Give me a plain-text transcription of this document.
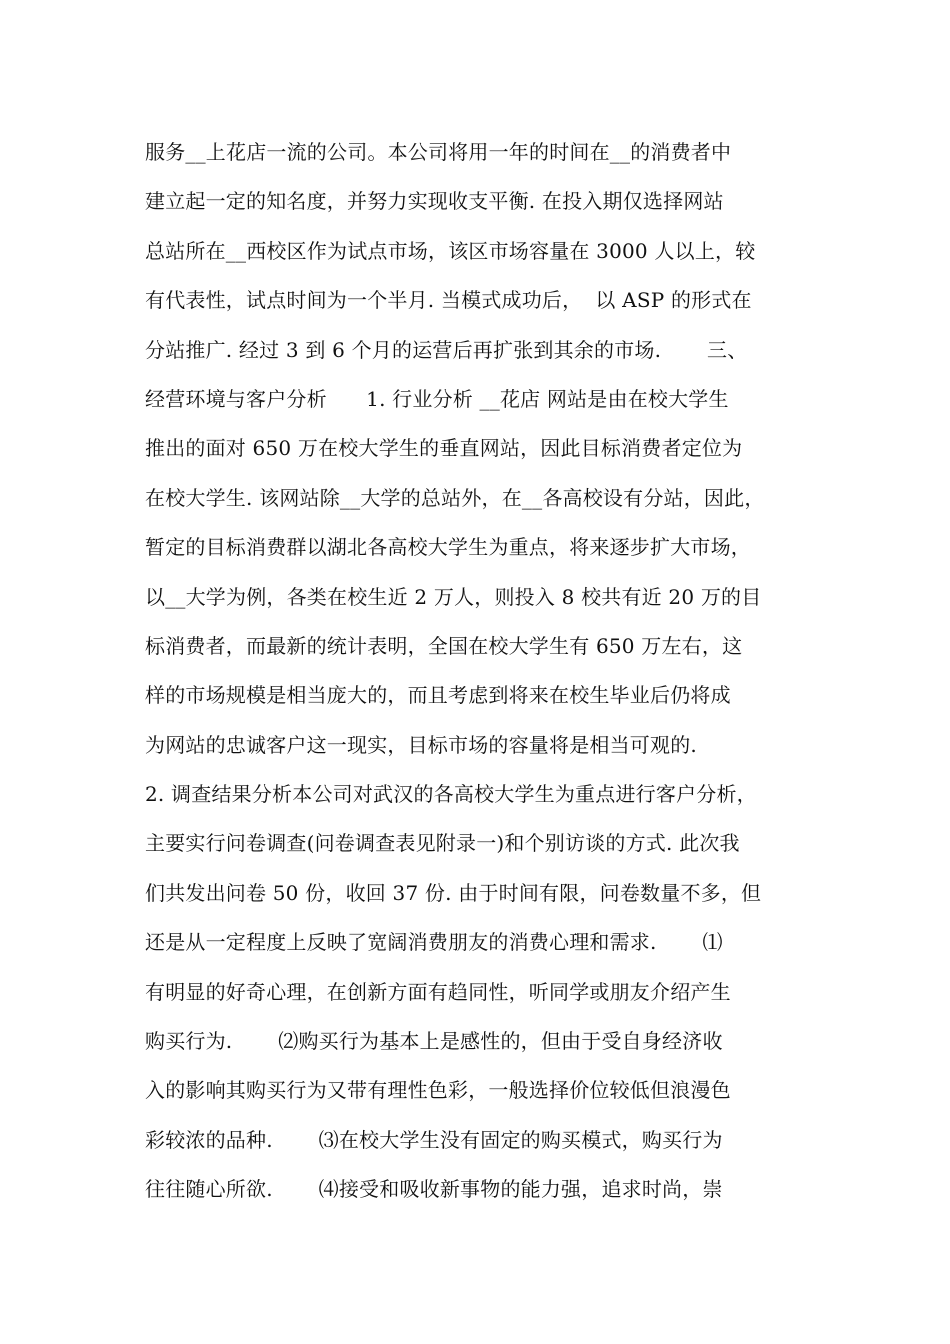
服务__上花店一流的公司。本公司将用一年的时间在__的消费者中
建立起一定的知名度，并努力实现收支平衡. 在投入期仅选择网站
总站所在__西校区作为试点市场，该区市场容量在 3000 人以上，较
有代表性，试点时间为一个半月. 当模式成功后，  以 ASP 的形式在
分站推广. 经过 3 到 6 个月的运营后再扩张到其余的市场.       三、
经营环境与客户分析      1. 行业分析 __花店 网站是由在校大学生
推出的面对 650 万在校大学生的垂直网站，因此目标消费者定位为
在校大学生. 该网站除__大学的总站外，在__各高校设有分站，因此，
暂定的目标消费群以湖北各高校大学生为重点，将来逐步扩大市场，
以__大学为例，各类在校生近 2 万人，则投入 8 校共有近 20 万的目
标消费者，而最新的统计表明，全国在校大学生有 650 万左右，这
样的市场规模是相当庞大的，而且考虑到将来在校生毕业后仍将成
为网站的忠诚客户这一现实，目标市场的容量将是相当可观的.
2. 调查结果分析本公司对武汉的各高校大学生为重点进行客户分析，
主要实行问卷调查(问卷调查表见附录一)和个别访谈的方式. 此次我
们共发出问卷 50 份，收回 37 份. 由于时间有限，问卷数量不多，但
还是从一定程度上反映了宽阔消费朋友的消费心理和需求.       ⑴
有明显的好奇心理，在创新方面有趋同性，听同学或朋友介绍产生
购买行为.       ⑵购买行为基本上是感性的，但由于受自身经济收
入的影响其购买行为又带有理性色彩，一般选择价位较低但浪漫色
彩较浓的品种.       ⑶在校大学生没有固定的购买模式，购买行为
往往随心所欲.       ⑷接受和吸收新事物的能力强，追求时尚，崇
